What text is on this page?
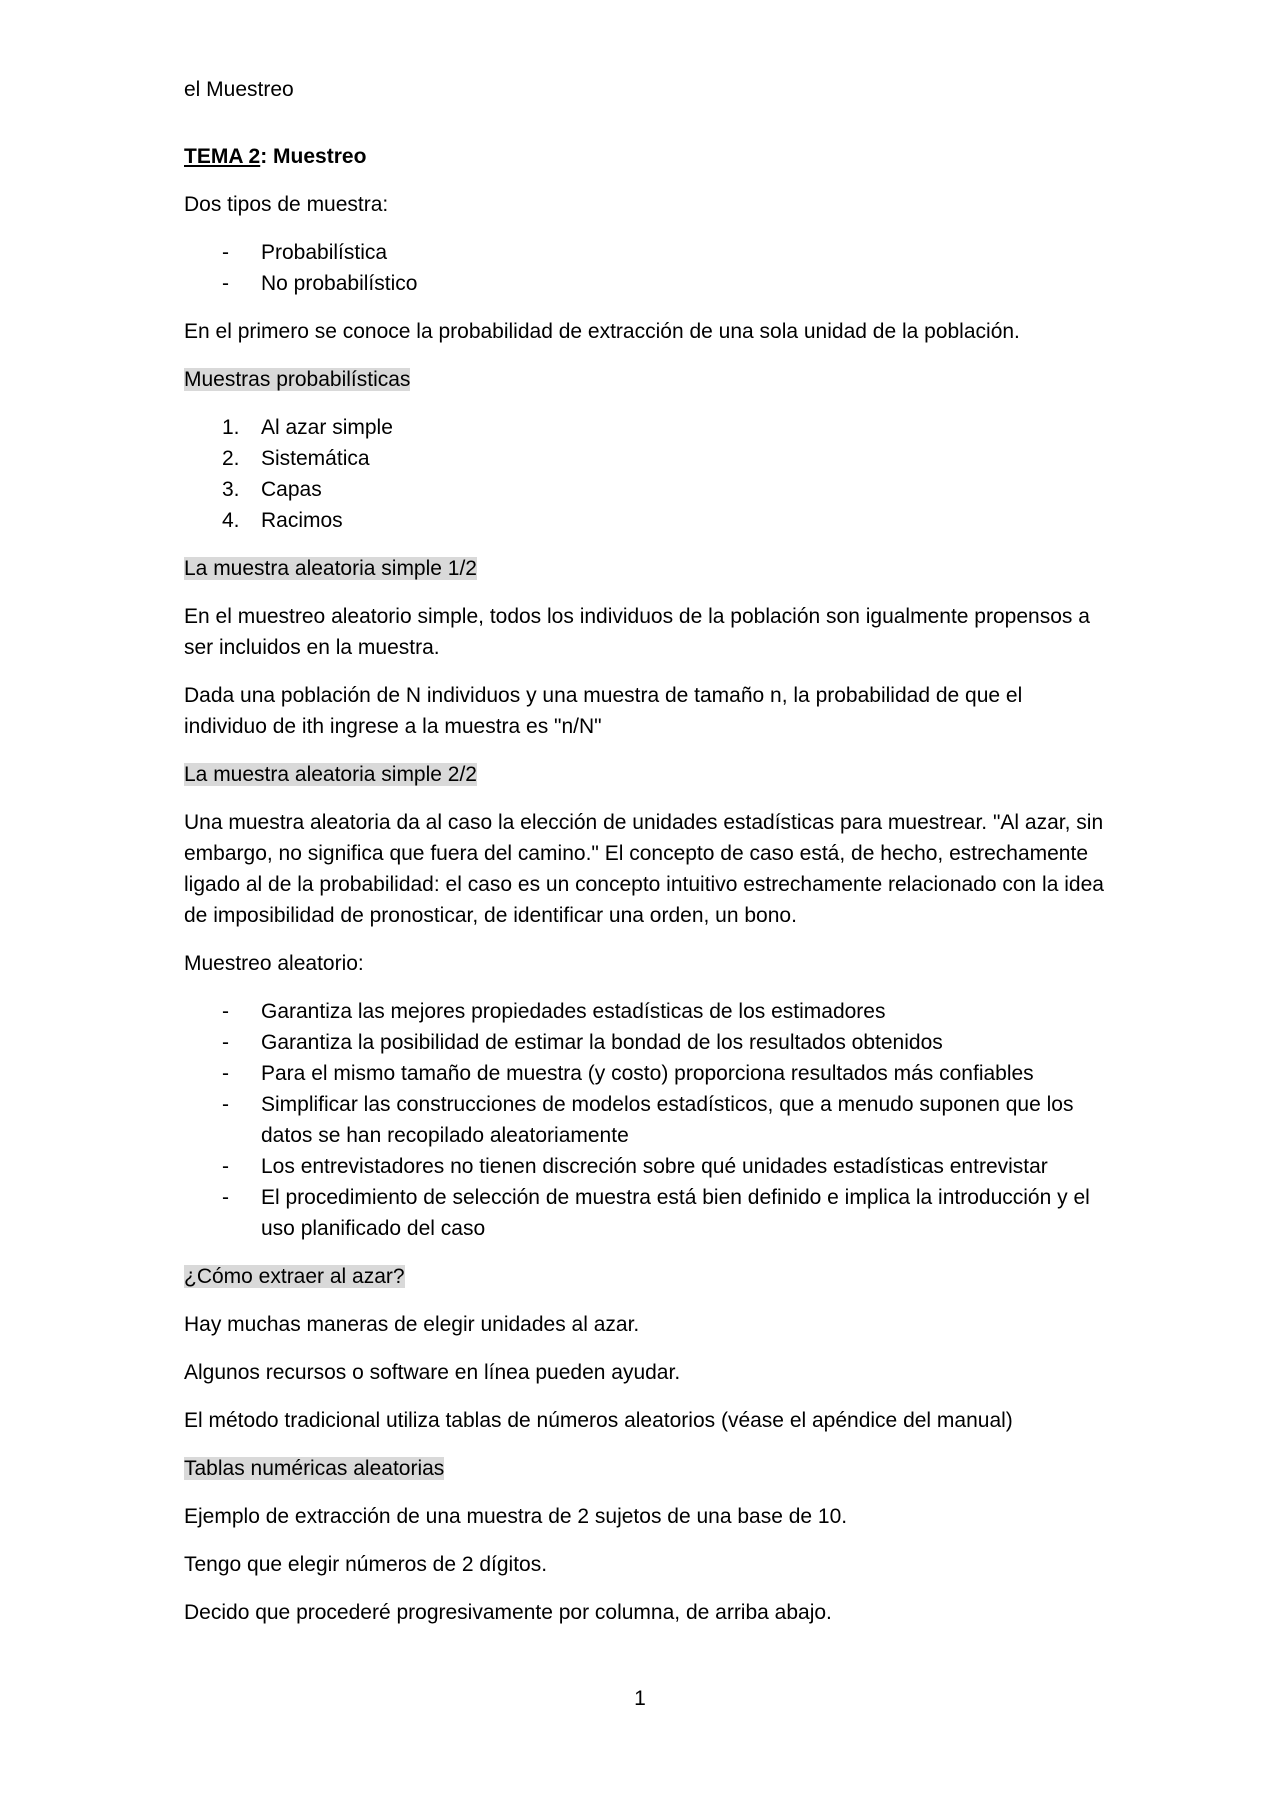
el Muestreo

TEMA 2: Muestreo

Dos tipos de muestra:

- Probabilística
- No probabilístico

En el primero se conoce la probabilidad de extracción de una sola unidad de la población.

Muestras probabilísticas

1. Al azar simple
2. Sistemática
3. Capas
4. Racimos

La muestra aleatoria simple 1/2

En el muestreo aleatorio simple, todos los individuos de la población son igualmente propensos a ser incluidos en la muestra.

Dada una población de N individuos y una muestra de tamaño n, la probabilidad de que el individuo de ith ingrese a la muestra es "n/N"

La muestra aleatoria simple 2/2

Una muestra aleatoria da al caso la elección de unidades estadísticas para muestrear. "Al azar, sin embargo, no significa que fuera del camino." El concepto de caso está, de hecho, estrechamente ligado al de la probabilidad: el caso es un concepto intuitivo estrechamente relacionado con la idea de imposibilidad de pronosticar, de identificar una orden, un bono.

Muestreo aleatorio:

- Garantiza las mejores propiedades estadísticas de los estimadores
- Garantiza la posibilidad de estimar la bondad de los resultados obtenidos
- Para el mismo tamaño de muestra (y costo) proporciona resultados más confiables
- Simplificar las construcciones de modelos estadísticos, que a menudo suponen que los datos se han recopilado aleatoriamente
- Los entrevistadores no tienen discreción sobre qué unidades estadísticas entrevistar
- El procedimiento de selección de muestra está bien definido e implica la introducción y el uso planificado del caso

¿Cómo extraer al azar?

Hay muchas maneras de elegir unidades al azar.

Algunos recursos o software en línea pueden ayudar.

El método tradicional utiliza tablas de números aleatorios (véase el apéndice del manual)

Tablas numéricas aleatorias

Ejemplo de extracción de una muestra de 2 sujetos de una base de 10.

Tengo que elegir números de 2 dígitos.

Decido que procederé progresivamente por columna, de arriba abajo.

1
